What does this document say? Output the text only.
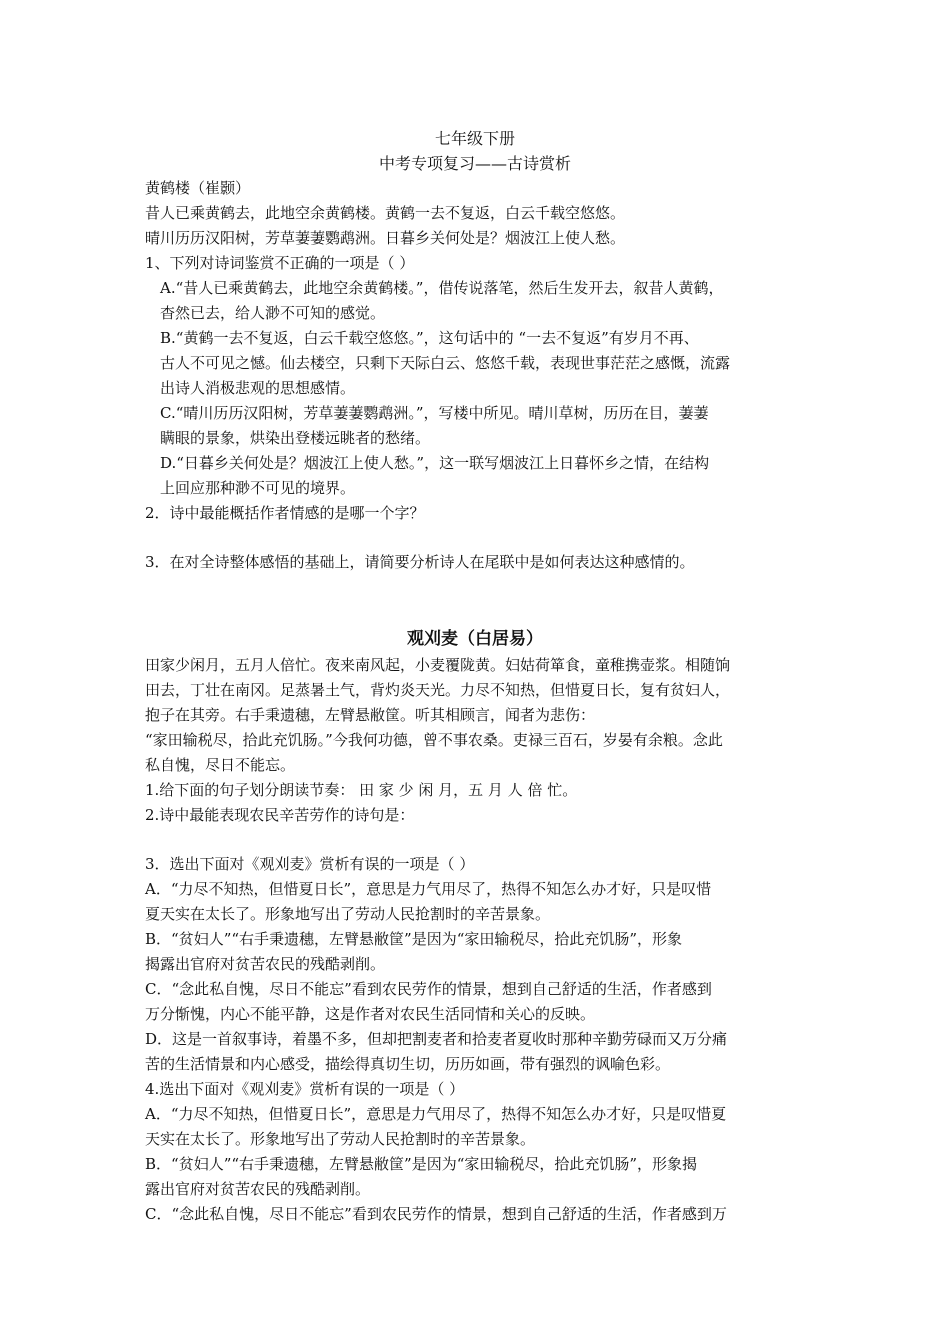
七年级下册
中考专项复习——古诗赏析
黄鹤楼（崔颢）
昔人已乘黄鹤去，此地空余黄鹤楼。黄鹤一去不复返，白云千载空悠悠。
晴川历历汉阳树，芳草萋萋鹦鹉洲。日暮乡关何处是？烟波江上使人愁。
1、下列对诗词鉴赏不正确的一项是（ ）
A.“昔人已乘黄鹤去，此地空余黄鹤楼。”，借传说落笔，然后生发开去，叙昔人黄鹤，
杳然已去，给人渺不可知的感觉。
B.“黄鹤一去不复返，白云千载空悠悠。”，这句话中的 “一去不复返”有岁月不再、
古人不可见之憾。仙去楼空，只剩下天际白云、悠悠千载，表现世事茫茫之感慨，流露
出诗人消极悲观的思想感情。
C.“晴川历历汉阳树，芳草萋萋鹦鹉洲。”，写楼中所见。晴川草树，历历在目，萋萋
瞒眼的景象，烘染出登楼远眺者的愁绪。
D.“日暮乡关何处是？烟波江上使人愁。”，这一联写烟波江上日暮怀乡之情，在结构
上回应那种渺不可见的境界。
2．诗中最能概括作者情感的是哪一个字？
3．在对全诗整体感悟的基础上，请简要分析诗人在尾联中是如何表达这种感情的。
观刈麦（白居易）
田家少闲月，五月人倍忙。夜来南风起，小麦覆陇黄。妇姑荷箪食，童稚携壶浆。相随饷
田去，丁壮在南冈。足蒸暑土气，背灼炎天光。力尽不知热，但惜夏日长，复有贫妇人，
抱子在其旁。右手秉遗穗，左臂悬敝筐。听其相顾言，闻者为悲伤：
“家田输税尽，拾此充饥肠。”今我何功德，曾不事农桑。吏禄三百石，岁晏有余粮。念此
私自愧，尽日不能忘。
1.给下面的句子划分朗读节奏： 田 家 少 闲 月，五 月 人 倍 忙。
2.诗中最能表现农民辛苦劳作的诗句是：
3．选出下面对《观刈麦》赏析有误的一项是（ ）
A．“力尽不知热，但惜夏日长”，意思是力气用尽了，热得不知怎么办才好，只是叹惜
夏天实在太长了。形象地写出了劳动人民抢割时的辛苦景象。
B．“贫妇人”“右手秉遗穗，左臂悬敝筐”是因为“家田输税尽，拾此充饥肠”，形象
揭露出官府对贫苦农民的残酷剥削。
C．“念此私自愧，尽日不能忘”看到农民劳作的情景，想到自己舒适的生活，作者感到
万分惭愧，内心不能平静，这是作者对农民生活同情和关心的反映。
D．这是一首叙事诗，着墨不多，但却把割麦者和拾麦者夏收时那种辛勤劳碌而又万分痛
苦的生活情景和内心感受，描绘得真切生切，历历如画，带有强烈的讽喻色彩。
4.选出下面对《观刈麦》赏析有误的一项是（ ）
A．“力尽不知热，但惜夏日长”，意思是力气用尽了，热得不知怎么办才好，只是叹惜夏
天实在太长了。形象地写出了劳动人民抢割时的辛苦景象。
B．“贫妇人”“右手秉遗穗，左臂悬敝筐”是因为“家田输税尽，拾此充饥肠”，形象揭
露出官府对贫苦农民的残酷剥削。
C．“念此私自愧，尽日不能忘”看到农民劳作的情景，想到自己舒适的生活，作者感到万
